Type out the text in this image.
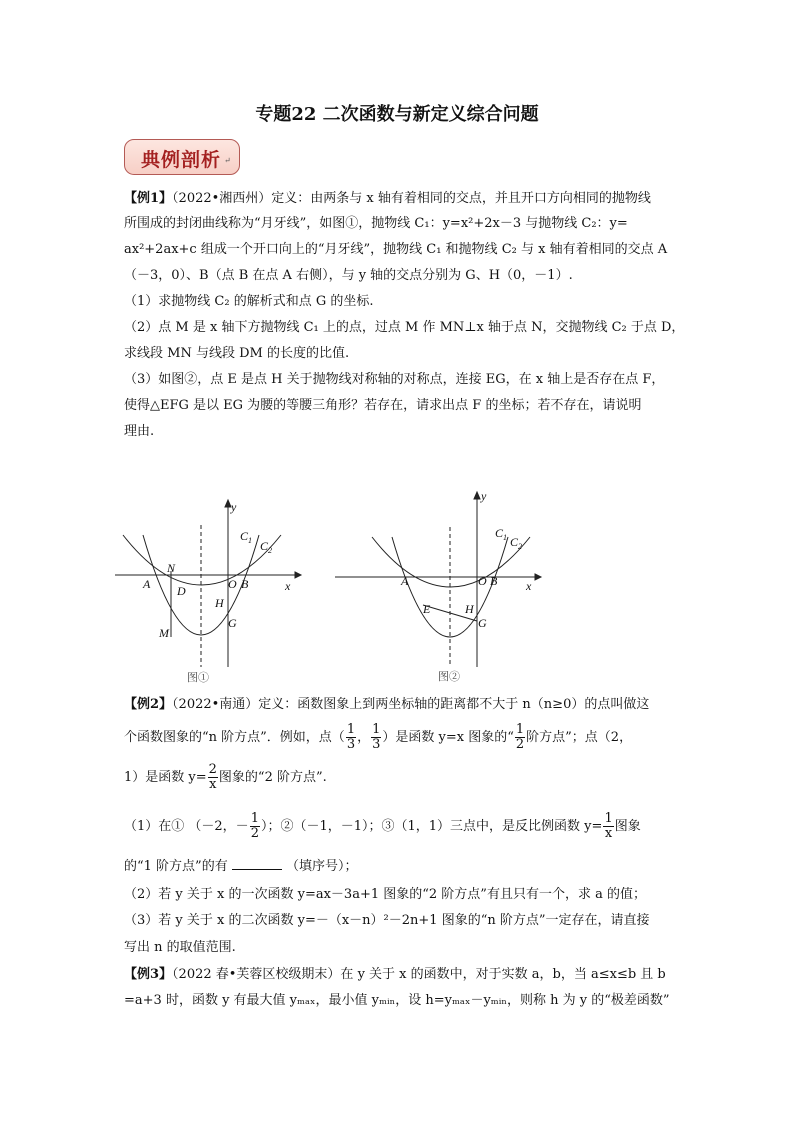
专题22 二次函数与新定义综合问题
典例剖析 ↵
【例1】（2022•湘西州）定义：由两条与 x 轴有着相同的交点，并且开口方向相同的抛物线
所围成的封闭曲线称为“月牙线”，如图①，抛物线 C₁：y=x²+2x－3 与抛物线 C₂：y=
ax²+2ax+c 组成一个开口向上的“月牙线”，抛物线 C₁ 和抛物线 C₂ 与 x 轴有着相同的交点 A
（－3，0）、B（点 B 在点 A 右侧），与 y 轴的交点分别为 G、H（0，－1）.
（1）求抛物线 C₂ 的解析式和点 G 的坐标.
（2）点 M 是 x 轴下方抛物线 C₁ 上的点，过点 M 作 MN⊥x 轴于点 N，交抛物线 C₂ 于点 D，
求线段 MN 与线段 DM 的长度的比值.
（3）如图②，点 E 是点 H 关于抛物线对称轴的对称点，连接 EG，在 x 轴上是否存在点 F，
使得△EFG 是以 EG 为腰的等腰三角形？若存在，请求出点 F 的坐标；若不存在，请说明
理由.
y
x
C 1 C 2
A
N
D	O B
H
M
G
图①
y
x
C 1 C 2
A	O B
E	H
G
图②
【例2】（2022•南通）定义：函数图象上到两坐标轴的距离都不大于 n（n≥0）的点叫做这
个函数图象的“n 阶方点”．例如，点（ $\frac{1}{3}$ ， $\frac{1}{3}$ ）是函数 y=x 图象的“ $\frac{1}{2}$ 阶方点”；点（2，
1）是函数 $y= \frac{2}{x}$ 图象的“2 阶方点”.
（1）在① （－2，－ $\frac{1}{2}$ ）；②（－1，－1）；③（1，1）三点中，是反比例函数 $y= \frac{1}{x}$ 图象
的“1 阶方点”的有	（填序号）；
（2）若 y 关于 x 的一次函数 y=ax－3a+1 图象的“2 阶方点”有且只有一个，求 a 的值；
（3）若 y 关于 x 的二次函数 y=－（x－n）²－2n+1 图象的“n 阶方点”一定存在，请直接
写出 n 的取值范围.
【例3】（2022 春•芙蓉区校级期末）在 y 关于 x 的函数中，对于实数 a，b，当 a≤x≤b 且 b
=a+3 时，函数 y 有最大值 yₘₐₓ，最小值 yₘᵢₙ，设 h=yₘₐₓ－yₘᵢₙ，则称 h 为 y 的“极差函数”
